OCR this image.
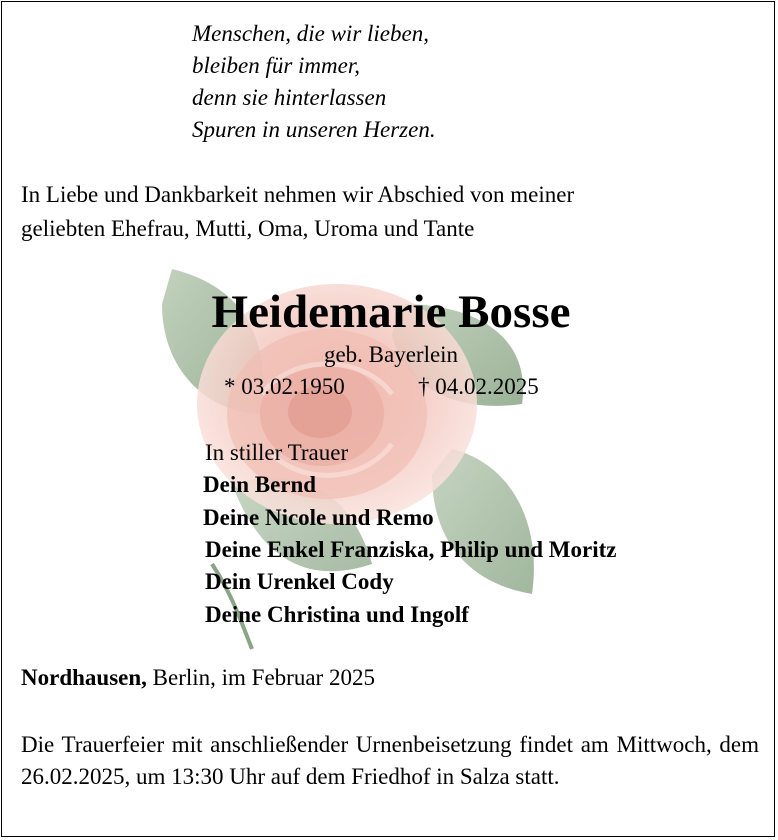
Menschen, die wir lieben,
bleiben für immer,
denn sie hinterlassen
Spuren in unseren Herzen.
In Liebe und Dankbarkeit nehmen wir Abschied von meiner
geliebten Ehefrau, Mutti, Oma, Uroma und Tante
Heidemarie Bosse
geb. Bayerlein
* 03.02.1950	† 04.02.2025
In stiller Trauer
Dein Bernd
Deine Nicole und Remo
Deine Enkel Franziska, Philip und Moritz
Dein Urenkel Cody
Deine Christina und Ingolf
Nordhausen, Berlin, im Februar 2025
Die Trauerfeier mit anschließender Urnenbeisetzung findet am Mittwoch, dem 26.02.2025, um 13:30 Uhr auf dem Friedhof in Salza statt.
